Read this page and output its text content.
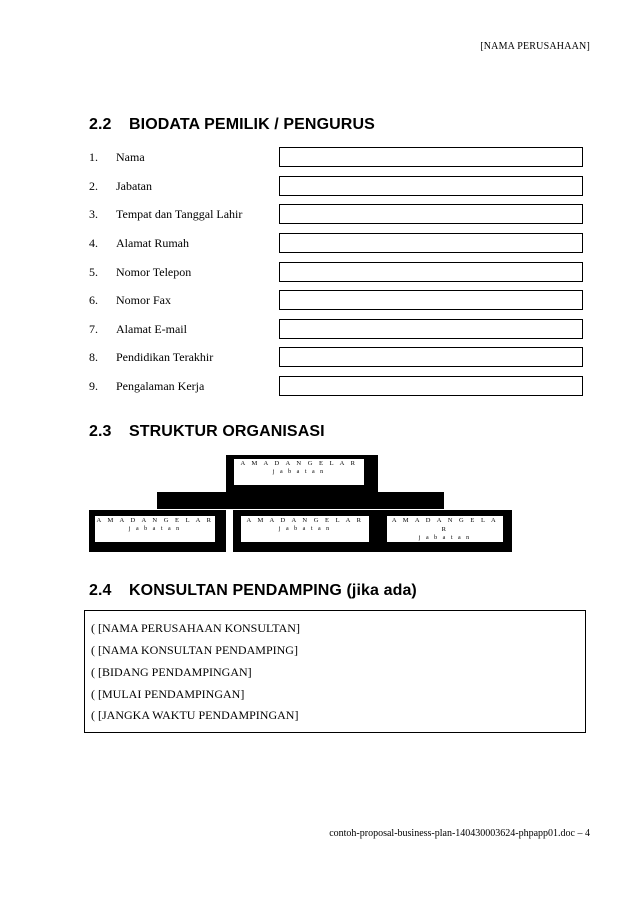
[NAMA PERUSAHAAN]
2.2 BIODATA PEMILIK / PENGURUS
1. Nama
2. Jabatan
3. Tempat dan Tanggal Lahir
4. Alamat Rumah
5. Nomor Telepon
6. Nomor Fax
7. Alamat E-mail
8. Pendidikan Terakhir
9. Pengalaman Kerja
2.3 STRUKTUR ORGANISASI
A M A D A N G E L A R
j a b a t a n
A M A D A N G E L A R
j a b a t a n
A M A D A N G E L A R
j a b a t a n
A M A D A N G E L A R
j a b a t a n
2.4 KONSULTAN PENDAMPING (jika ada)
( [NAMA PERUSAHAAN KONSULTAN]
( [NAMA KONSULTAN PENDAMPING]
( [BIDANG PENDAMPINGAN]
( [MULAI PENDAMPINGAN]
( [JANGKA WAKTU PENDAMPINGAN]
contoh-proposal-business-plan-140430003624-phpapp01.doc – 4
